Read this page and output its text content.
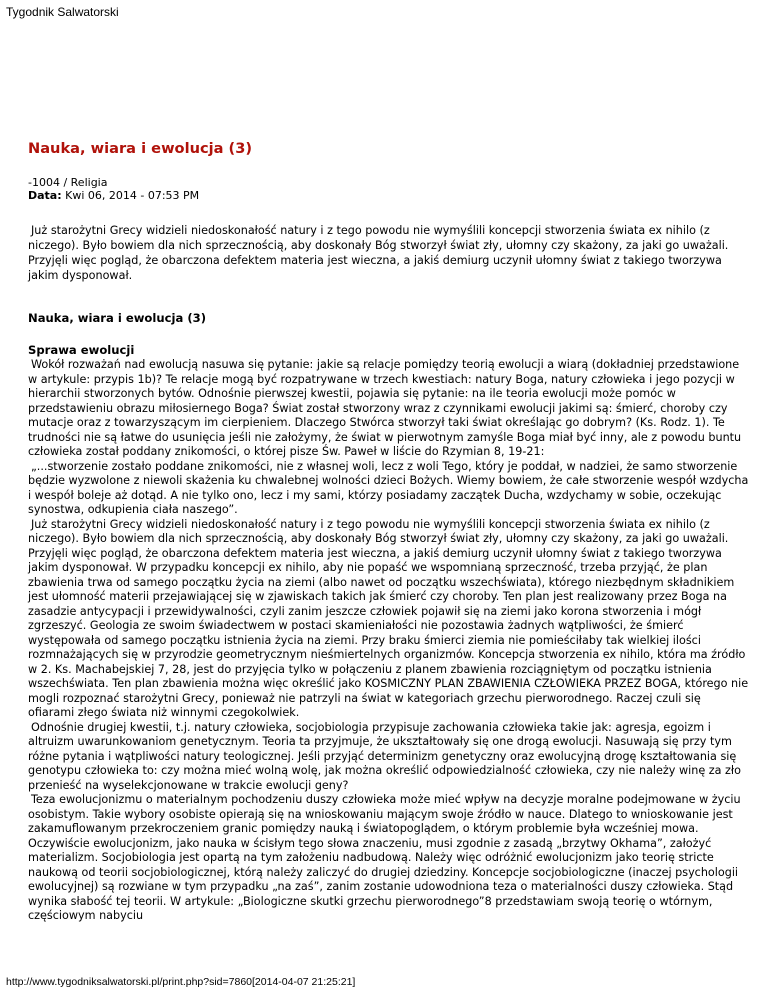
Tygodnik Salwatorski
Nauka, wiara i ewolucja (3)
-1004 / Religia
Data: Kwi 06, 2014 - 07:53 PM
Już starożytni Grecy widzieli niedoskonałość natury i z tego powodu nie wymyślili koncepcji stworzenia świata ex nihilo (z niczego). Było bowiem dla nich sprzecznością, aby doskonały Bóg stworzył świat zły, ułomny czy skażony, za jaki go uważali. Przyjęli więc pogląd, że obarczona defektem materia jest wieczna, a jakiś demiurg uczynił ułomny świat z takiego tworzywa jakim dysponował.
Nauka, wiara i ewolucja (3)
Sprawa ewolucji

Wokół rozważań nad ewolucją nasuwa się pytanie: jakie są relacje pomiędzy teorią ewolucji a wiarą (dokładniej przedstawione w artykule: przypis 1b)? Te relacje mogą być rozpatrywane w trzech kwestiach: natury Boga, natury człowieka i jego pozycji w hierarchii stworzonych bytów. Odnośnie pierwszej kwestii, pojawia się pytanie: na ile teoria ewolucji może pomóc w przedstawieniu obrazu miłosiernego Boga? Świat został stworzony wraz z czynnikami ewolucji jakimi są: śmierć, choroby czy mutacje oraz z towarzyszącym im cierpieniem. Dlaczego Stwórca stworzył taki świat określając go dobrym? (Ks. Rodz. 1). Te trudności nie są łatwe do usunięcia jeśli nie założymy, że świat w pierwotnym zamyśle Boga miał być inny, ale z powodu buntu człowieka został poddany znikomości, o której pisze Św. Paweł w liście do Rzymian 8, 19-21:

„...stworzenie zostało poddane znikomości, nie z własnej woli, lecz z woli Tego, który je poddał, w nadziei, że samo stworzenie będzie wyzwolone z niewoli skażenia ku chwalebnej wolności dzieci Bożych. Wiemy bowiem, że całe stworzenie wespół wzdycha i wespół boleje aż dotąd. A nie tylko ono, lecz i my sami, którzy posiadamy zaczątek Ducha, wzdychamy w sobie, oczekując synostwa, odkupienia ciała naszego”.

Już starożytni Grecy widzieli niedoskonałość natury i z tego powodu nie wymyślili koncepcji stworzenia świata ex nihilo (z niczego). Było bowiem dla nich sprzecznością, aby doskonały Bóg stworzył świat zły, ułomny czy skażony, za jaki go uważali. Przyjęli więc pogląd, że obarczona defektem materia jest wieczna, a jakiś demiurg uczynił ułomny świat z takiego tworzywa jakim dysponował. W przypadku koncepcji ex nihilo, aby nie popaść we wspomnianą sprzeczność, trzeba przyjąć, że plan zbawienia trwa od samego początku życia na ziemi (albo nawet od początku wszechświata), którego niezbędnym składnikiem jest ułomność materii przejawiającej się w zjawiskach takich jak śmierć czy choroby. Ten plan jest realizowany przez Boga na zasadzie antycypacji i przewidywalności, czyli zanim jeszcze człowiek pojawił się na ziemi jako korona stworzenia i mógł zgrzeszyć. Geologia ze swoim świadectwem w postaci skamieniałości nie pozostawia żadnych wątpliwości, że śmierć występowała od samego początku istnienia życia na ziemi. Przy braku śmierci ziemia nie pomieściłaby tak wielkiej ilości rozmnażających się w przyrodzie geometrycznym nieśmiertelnych organizmów. Koncepcja stworzenia ex nihilo, która ma źródło w 2. Ks. Machabejskiej 7, 28, jest do przyjęcia tylko w połączeniu z planem zbawienia rozciągniętym od początku istnienia wszechświata. Ten plan zbawienia można więc określić jako KOSMICZNY PLAN ZBAWIENIA CZŁOWIEKA PRZEZ BOGA, którego nie mogli rozpoznać starożytni Grecy, ponieważ nie patrzyli na świat w kategoriach grzechu pierworodnego. Raczej czuli się ofiarami złego świata niż winnymi czegokolwiek.

Odnośnie drugiej kwestii, t.j. natury człowieka, socjobiologia przypisuje zachowania człowieka takie jak: agresja, egoizm i altruizm uwarunkowaniom genetycznym. Teoria ta przyjmuje, że ukształtowały się one drogą ewolucji. Nasuwają się przy tym różne pytania i wątpliwości natury teologicznej. Jeśli przyjąć determinizm genetyczny oraz ewolucyjną drogę kształtowania się genotypu człowieka to: czy można mieć wolną wolę, jak można określić odpowiedzialność człowieka, czy nie należy winę za zło przenieść na wyselekcjonowane w trakcie ewolucji geny?

Teza ewolucjonizmu o materialnym pochodzeniu duszy człowieka może mieć wpływ na decyzje moralne podejmowane w życiu osobistym. Takie wybory osobiste opierają się na wnioskowaniu mającym swoje źródło w nauce. Dlatego to wnioskowanie jest zakamuflowanym przekroczeniem granic pomiędzy nauką i światopoglądem, o którym problemie była wcześniej mowa. Oczywiście ewolucjonizm, jako nauka w ścisłym tego słowa znaczeniu, musi zgodnie z zasadą „brzytwy Okhama”, założyć materializm. Socjobiologia jest opartą na tym założeniu nadbudową. Należy więc odróżnić ewolucjonizm jako teorię stricte naukową od teorii socjobiologicznej, którą należy zaliczyć do drugiej dziedziny. Koncepcje socjobiologiczne (inaczej psychologii ewolucyjnej) są rozwiane w tym przypadku „na zaś”, zanim zostanie udowodniona teza o materialności duszy człowieka. Stąd wynika słabość tej teorii. W artykule: „Biologiczne skutki grzechu pierworodnego”8 przedstawiam swoją teorię o wtórnym, częściowym nabyciu

http://www.tygodniksalwatorski.pl/print.php?sid=7860[2014-04-07 21:25:21]
